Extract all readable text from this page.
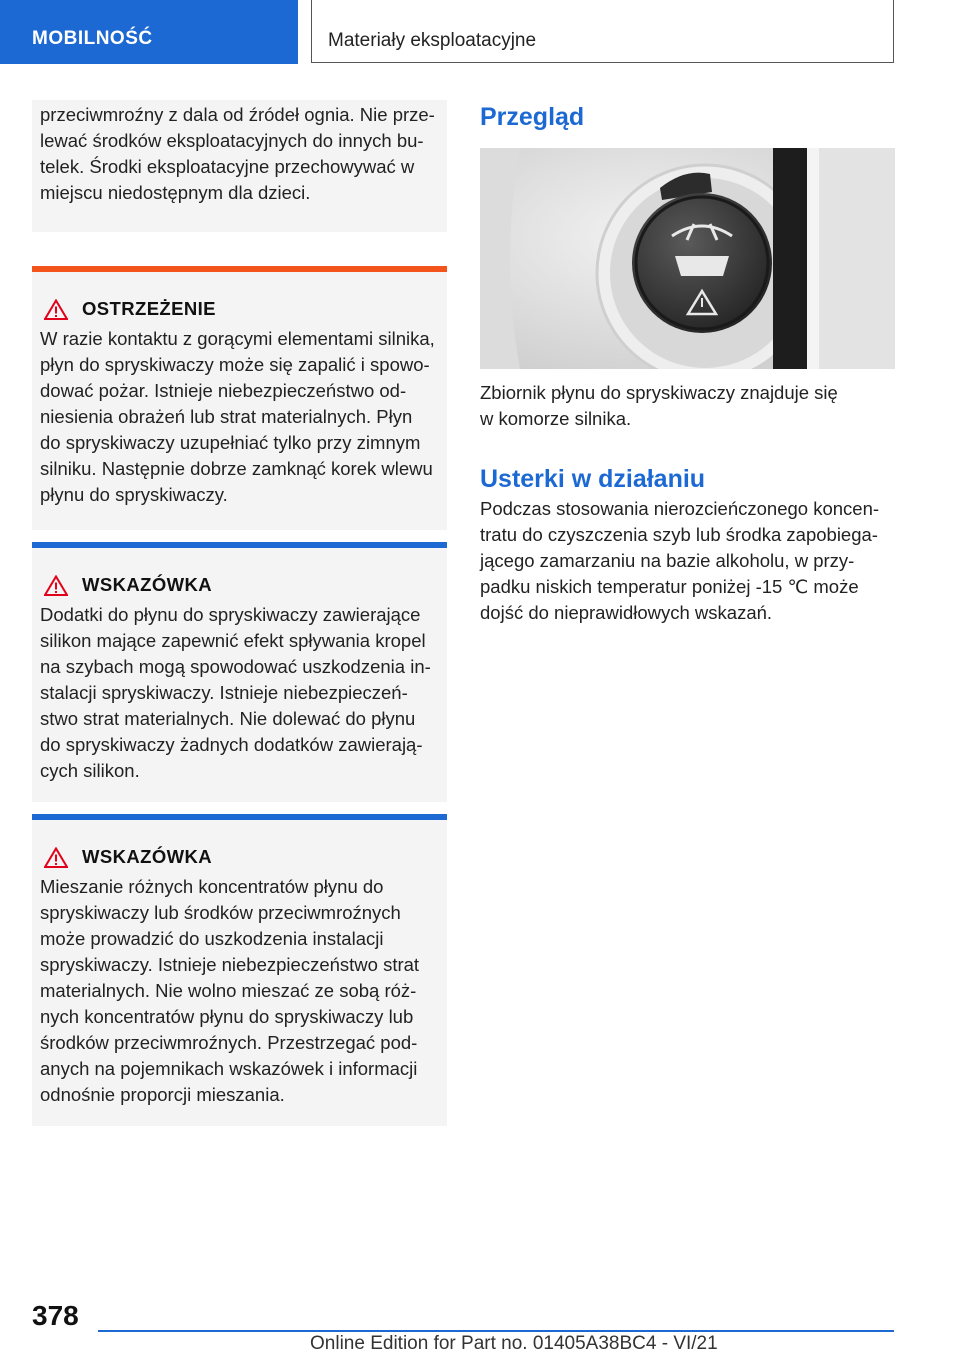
MOBILNOŚĆ	Materiały eksploatacyjne

przeciwmroźny z dala od źródeł ognia. Nie prze-

lewać środków eksploatacyjnych do innych bu-

telek. Środki eksploatacyjne przechowywać w

miejscu niedostępnym dla dzieci.

OSTRZEŻENIE

W razie kontaktu z gorącymi elementami silnika,

płyn do spryskiwaczy może się zapalić i spowo-

dować pożar. Istnieje niebezpieczeństwo od-

niesienia obrażeń lub strat materialnych. Płyn

do spryskiwaczy uzupełniać tylko przy zimnym

silniku. Następnie dobrze zamknąć korek wlewu

płynu do spryskiwaczy.

WSKAZÓWKA

Dodatki do płynu do spryskiwaczy zawierające

silikon mające zapewnić efekt spływania kropel

na szybach mogą spowodować uszkodzenia in-

stalacji spryskiwaczy. Istnieje niebezpieczeń-

stwo strat materialnych. Nie dolewać do płynu

do spryskiwaczy żadnych dodatków zawierają-

cych silikon.

WSKAZÓWKA

Mieszanie różnych koncentratów płynu do

spryskiwaczy lub środków przeciwmroźnych

może prowadzić do uszkodzenia instalacji

spryskiwaczy. Istnieje niebezpieczeństwo strat

materialnych. Nie wolno mieszać ze sobą róż-

nych koncentratów płynu do spryskiwaczy lub

środków przeciwmroźnych. Przestrzegać pod-

anych na pojemnikach wskazówek i informacji

odnośnie proporcji mieszania.

Przegląd

Zbiornik płynu do spryskiwaczy znajduje się

w komorze silnika.

Usterki w działaniu

Podczas stosowania nierozcieńczonego koncen-

tratu do czyszczenia szyb lub środka zapobiega-

jącego zamarzaniu na bazie alkoholu, w przy-

padku niskich temperatur poniżej -15 ℃ może

dojść do nieprawidłowych wskazań.

378
Online Edition for Part no. 01405A38BC4 - VI/21
